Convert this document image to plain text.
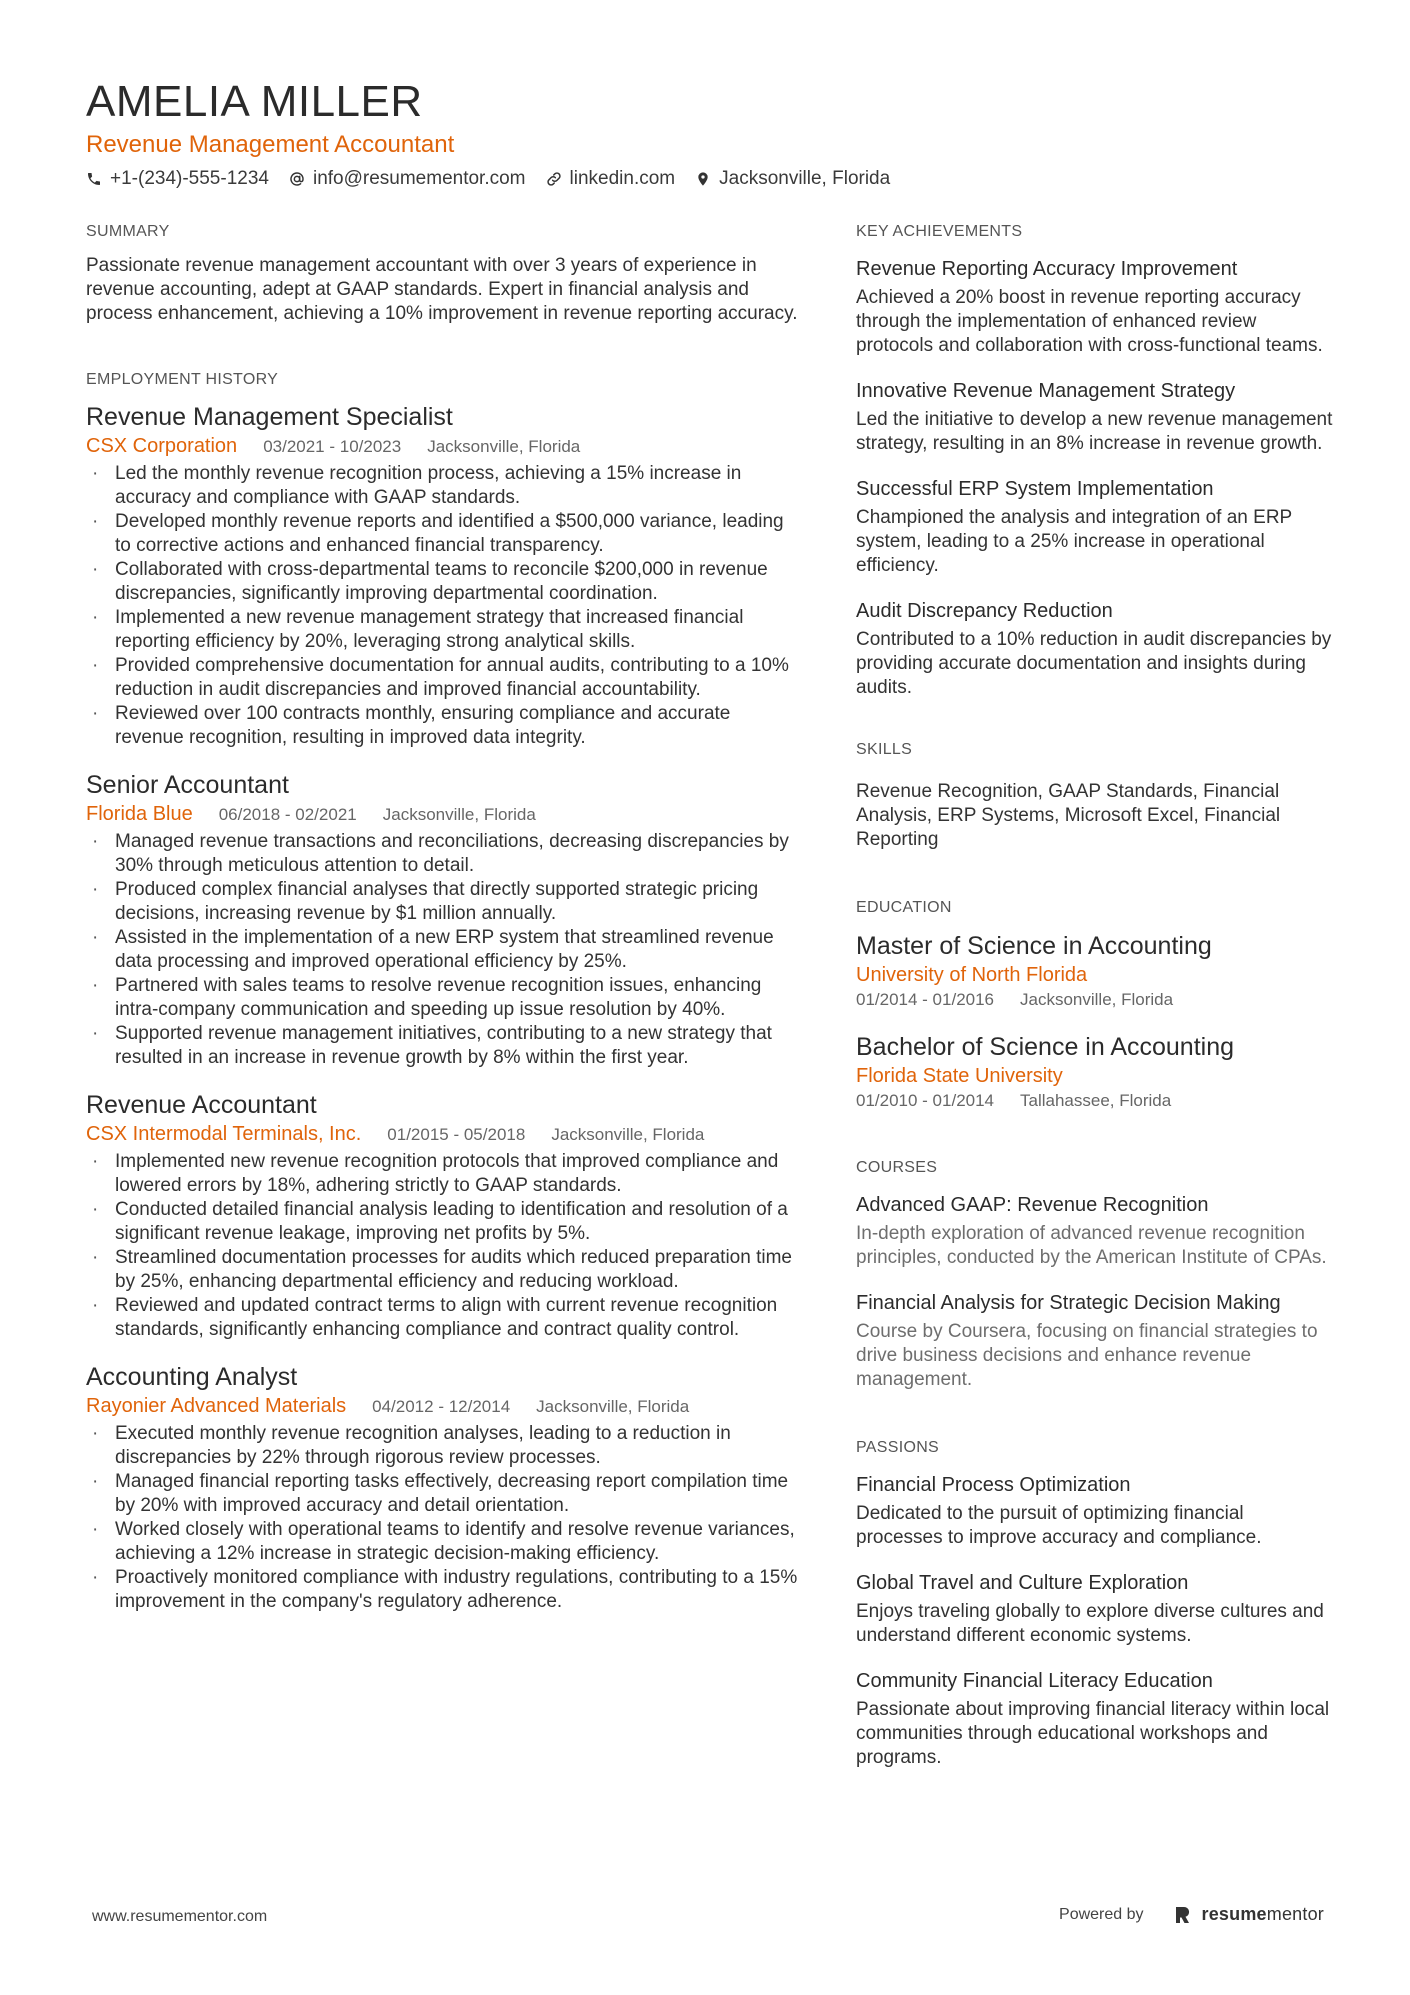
AMELIA MILLER
Revenue Management Accountant
+1-(234)-555-1234 info@resumementor.com linkedin.com Jacksonville, Florida
SUMMARY
Passionate revenue management accountant with over 3 years of experience in revenue accounting, adept at GAAP standards. Expert in financial analysis and process enhancement, achieving a 10% improvement in revenue reporting accuracy.
EMPLOYMENT HISTORY
Revenue Management Specialist
CSX Corporation 03/2021 - 10/2023 Jacksonville, Florida
· Led the monthly revenue recognition process, achieving a 15% increase in accuracy and compliance with GAAP standards.
· Developed monthly revenue reports and identified a $500,000 variance, leading to corrective actions and enhanced financial transparency.
· Collaborated with cross-departmental teams to reconcile $200,000 in revenue discrepancies, significantly improving departmental coordination.
· Implemented a new revenue management strategy that increased financial reporting efficiency by 20%, leveraging strong analytical skills.
· Provided comprehensive documentation for annual audits, contributing to a 10% reduction in audit discrepancies and improved financial accountability.
· Reviewed over 100 contracts monthly, ensuring compliance and accurate revenue recognition, resulting in improved data integrity.
Senior Accountant
Florida Blue 06/2018 - 02/2021 Jacksonville, Florida
· Managed revenue transactions and reconciliations, decreasing discrepancies by 30% through meticulous attention to detail.
· Produced complex financial analyses that directly supported strategic pricing decisions, increasing revenue by $1 million annually.
· Assisted in the implementation of a new ERP system that streamlined revenue data processing and improved operational efficiency by 25%.
· Partnered with sales teams to resolve revenue recognition issues, enhancing intra-company communication and speeding up issue resolution by 40%.
· Supported revenue management initiatives, contributing to a new strategy that resulted in an increase in revenue growth by 8% within the first year.
Revenue Accountant
CSX Intermodal Terminals, Inc. 01/2015 - 05/2018 Jacksonville, Florida
· Implemented new revenue recognition protocols that improved compliance and lowered errors by 18%, adhering strictly to GAAP standards.
· Conducted detailed financial analysis leading to identification and resolution of a significant revenue leakage, improving net profits by 5%.
· Streamlined documentation processes for audits which reduced preparation time by 25%, enhancing departmental efficiency and reducing workload.
· Reviewed and updated contract terms to align with current revenue recognition standards, significantly enhancing compliance and contract quality control.
Accounting Analyst
Rayonier Advanced Materials 04/2012 - 12/2014 Jacksonville, Florida
· Executed monthly revenue recognition analyses, leading to a reduction in discrepancies by 22% through rigorous review processes.
· Managed financial reporting tasks effectively, decreasing report compilation time by 20% with improved accuracy and detail orientation.
· Worked closely with operational teams to identify and resolve revenue variances, achieving a 12% increase in strategic decision-making efficiency.
· Proactively monitored compliance with industry regulations, contributing to a 15% improvement in the company's regulatory adherence.
KEY ACHIEVEMENTS
Revenue Reporting Accuracy Improvement
Achieved a 20% boost in revenue reporting accuracy through the implementation of enhanced review protocols and collaboration with cross-functional teams.
Innovative Revenue Management Strategy
Led the initiative to develop a new revenue management strategy, resulting in an 8% increase in revenue growth.
Successful ERP System Implementation
Championed the analysis and integration of an ERP system, leading to a 25% increase in operational efficiency.
Audit Discrepancy Reduction
Contributed to a 10% reduction in audit discrepancies by providing accurate documentation and insights during audits.
SKILLS
Revenue Recognition, GAAP Standards, Financial Analysis, ERP Systems, Microsoft Excel, Financial Reporting
EDUCATION
Master of Science in Accounting
University of North Florida
01/2014 - 01/2016 Jacksonville, Florida
Bachelor of Science in Accounting
Florida State University
01/2010 - 01/2014 Tallahassee, Florida
COURSES
Advanced GAAP: Revenue Recognition
In-depth exploration of advanced revenue recognition principles, conducted by the American Institute of CPAs.
Financial Analysis for Strategic Decision Making
Course by Coursera, focusing on financial strategies to drive business decisions and enhance revenue management.
PASSIONS
Financial Process Optimization
Dedicated to the pursuit of optimizing financial processes to improve accuracy and compliance.
Global Travel and Culture Exploration
Enjoys traveling globally to explore diverse cultures and understand different economic systems.
Community Financial Literacy Education
Passionate about improving financial literacy within local communities through educational workshops and programs.
www.resumementor.com	Powered by	resumementor
